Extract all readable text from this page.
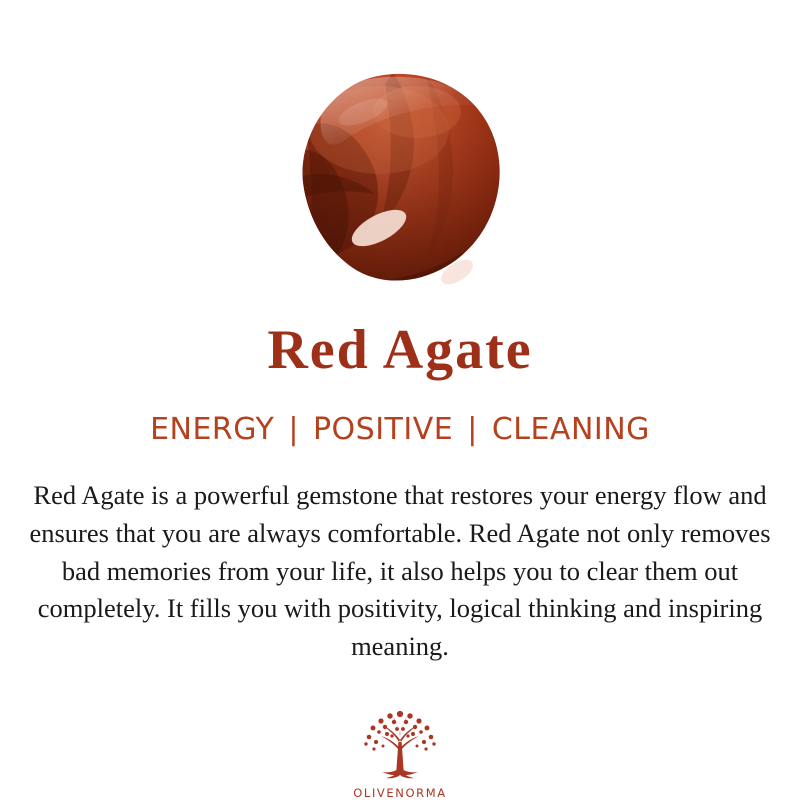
Red Agate
ENERGY | POSITIVE | CLEANING

Red Agate is a powerful gemstone that restores your energy flow and ensures that you are always comfortable. Red Agate not only removes bad memories from your life, it also helps you to clear them out completely. It fills you with positivity, logical thinking and inspiring meaning.

OLIVENORMA
